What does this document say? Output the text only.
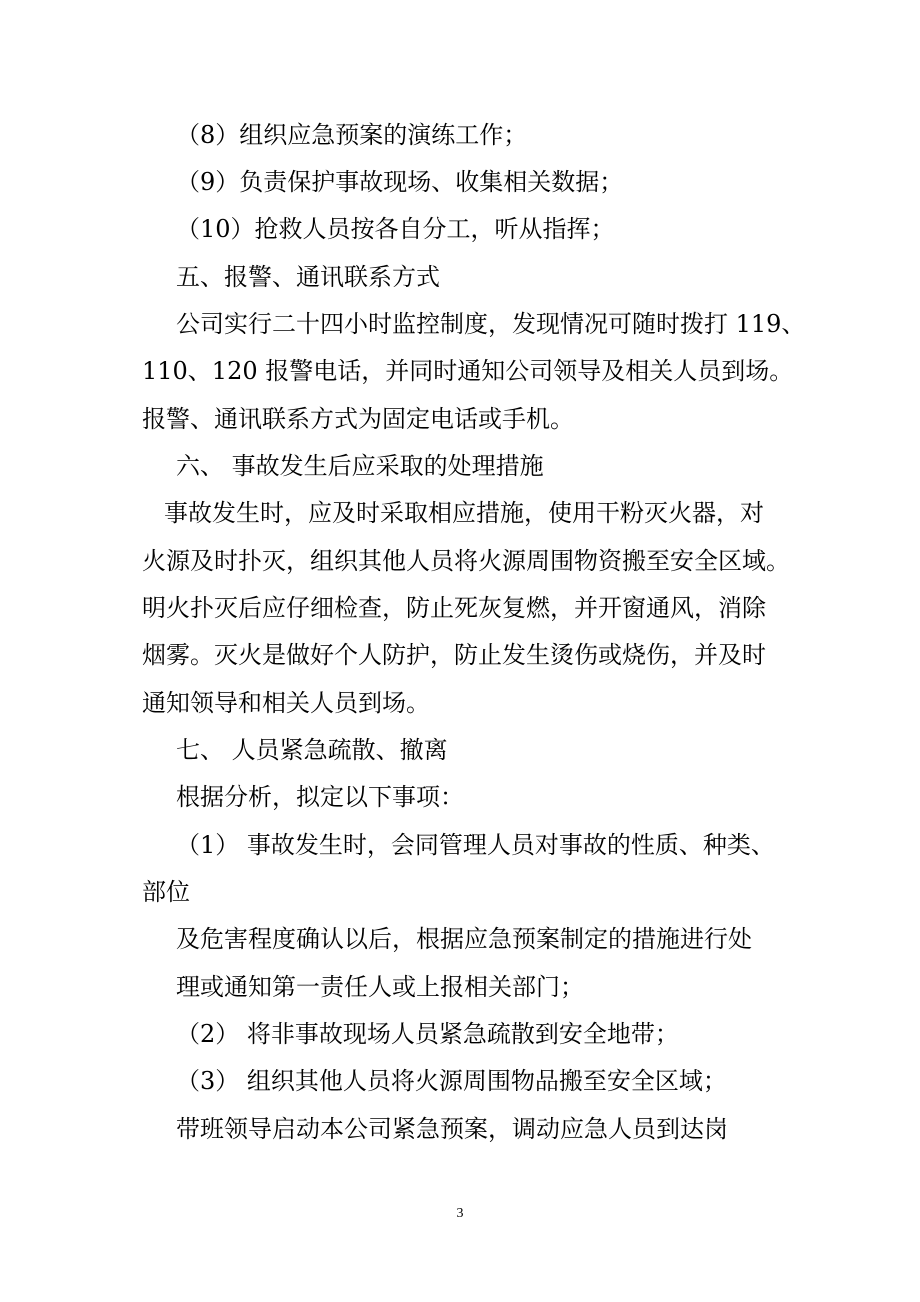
（8）组织应急预案的演练工作；
（9）负责保护事故现场、收集相关数据；
（10）抢救人员按各自分工，听从指挥；
五、报警、通讯联系方式
公司实行二十四小时监控制度，发现情况可随时拨打 119、
110、120 报警电话，并同时通知公司领导及相关人员到场。
报警、通讯联系方式为固定电话或手机。
六、 事故发生后应采取的处理措施
事故发生时，应及时采取相应措施，使用干粉灭火器，对
火源及时扑灭，组织其他人员将火源周围物资搬至安全区域。
明火扑灭后应仔细检查，防止死灰复燃，并开窗通风，消除
烟雾。灭火是做好个人防护，防止发生烫伤或烧伤，并及时
通知领导和相关人员到场。
七、 人员紧急疏散、撤离
根据分析，拟定以下事项：
（1） 事故发生时，会同管理人员对事故的性质、种类、
部位
及危害程度确认以后，根据应急预案制定的措施进行处
理或通知第一责任人或上报相关部门；
（2） 将非事故现场人员紧急疏散到安全地带；
（3） 组织其他人员将火源周围物品搬至安全区域；
带班领导启动本公司紧急预案，调动应急人员到达岗
3
